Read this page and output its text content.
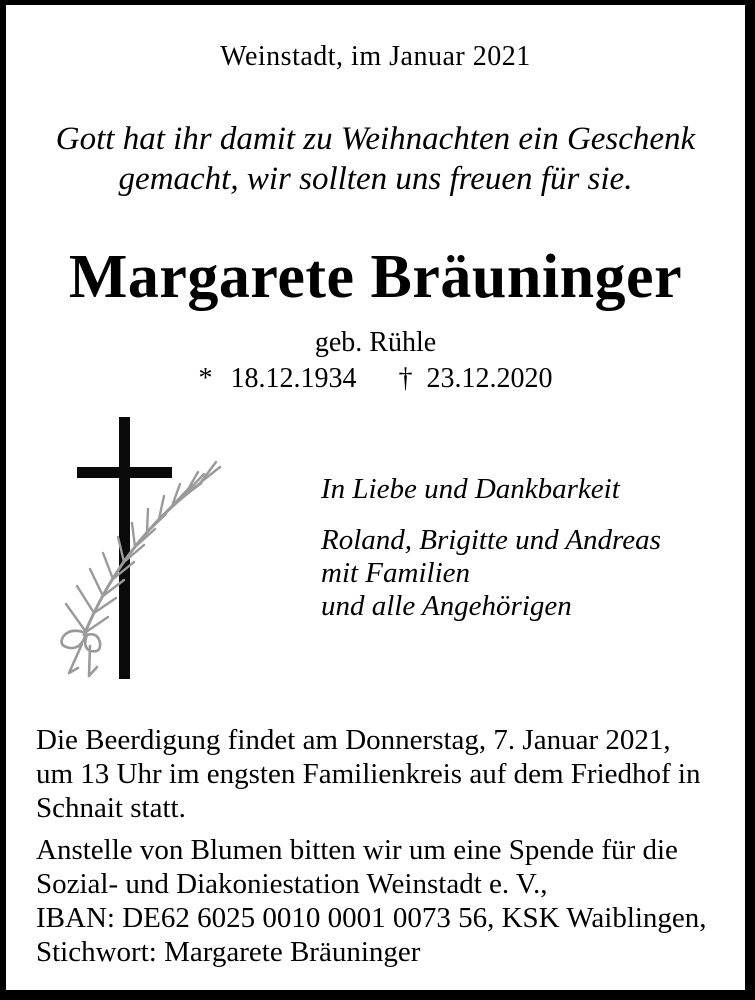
Weinstadt, im Januar 2021
Gott hat ihr damit zu Weihnachten ein Geschenk
gemacht, wir sollten uns freuen für sie.
Margarete Bräuninger
geb. Rühle
* 18.12.1934 † 23.12.2020
In Liebe und Dankbarkeit
Roland, Brigitte und Andreas
mit Familien
und alle Angehörigen
Die Beerdigung findet am Donnerstag, 7. Januar 2021,
um 13 Uhr im engsten Familienkreis auf dem Friedhof in
Schnait statt.
Anstelle von Blumen bitten wir um eine Spende für die
Sozial- und Diakoniestation Weinstadt e. V.,
IBAN: DE62 6025 0010 0001 0073 56, KSK Waiblingen,
Stichwort: Margarete Bräuninger
